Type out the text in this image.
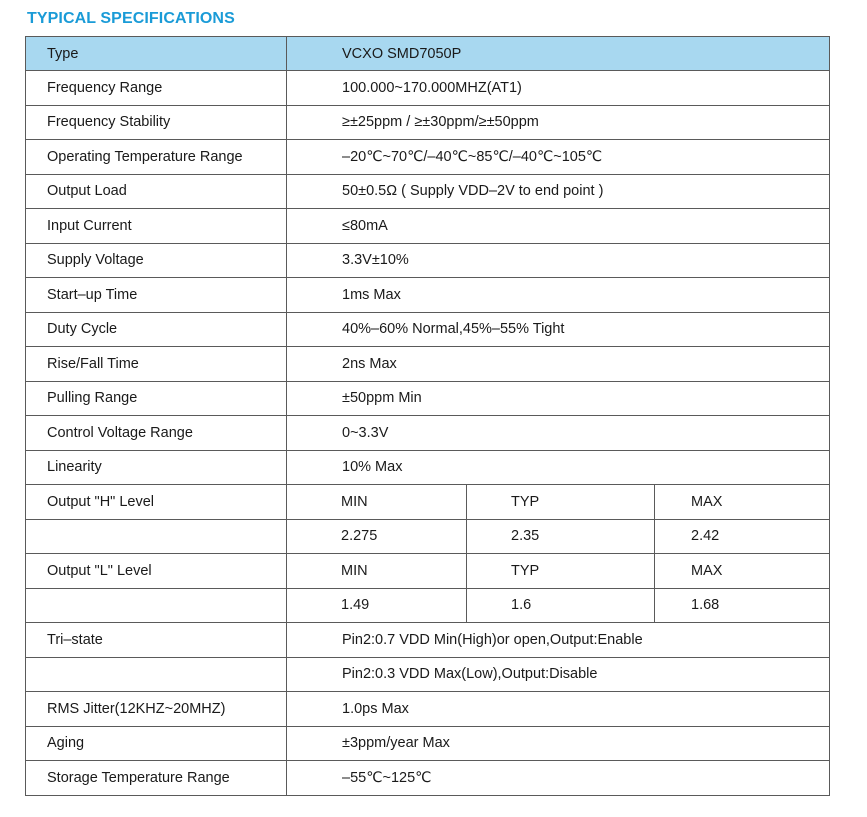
TYPICAL SPECIFICATIONS
Type	VCXO SMD7050P		
Frequency Range	100.000~170.000MHZ(AT1)		
Frequency Stability	≥±25ppm / ≥±30ppm/≥±50ppm		
Operating Temperature Range	–20℃~70℃/–40℃~85℃/–40℃~105℃		
Output Load	50±0.5Ω ( Supply VDD–2V to end point )		
Input Current	≤80mA		
Supply Voltage	3.3V±10%		
Start–up Time	1ms Max		
Duty Cycle	40%–60% Normal,45%–55% Tight		
Rise/Fall Time	2ns Max		
Pulling Range	±50ppm Min		
Control Voltage Range	0~3.3V		
Linearity	10% Max		
Output "H" Level	MIN	TYP	MAX
	2.275	2.35	2.42
Output "L" Level	MIN	TYP	MAX
	1.49	1.6	1.68
Tri–state	Pin2:0.7 VDD Min(High)or open,Output:Enable		
	Pin2:0.3 VDD Max(Low),Output:Disable		
RMS Jitter(12KHZ~20MHZ)	1.0ps Max		
Aging	±3ppm/year Max		
Storage Temperature Range	–55℃~125℃		
